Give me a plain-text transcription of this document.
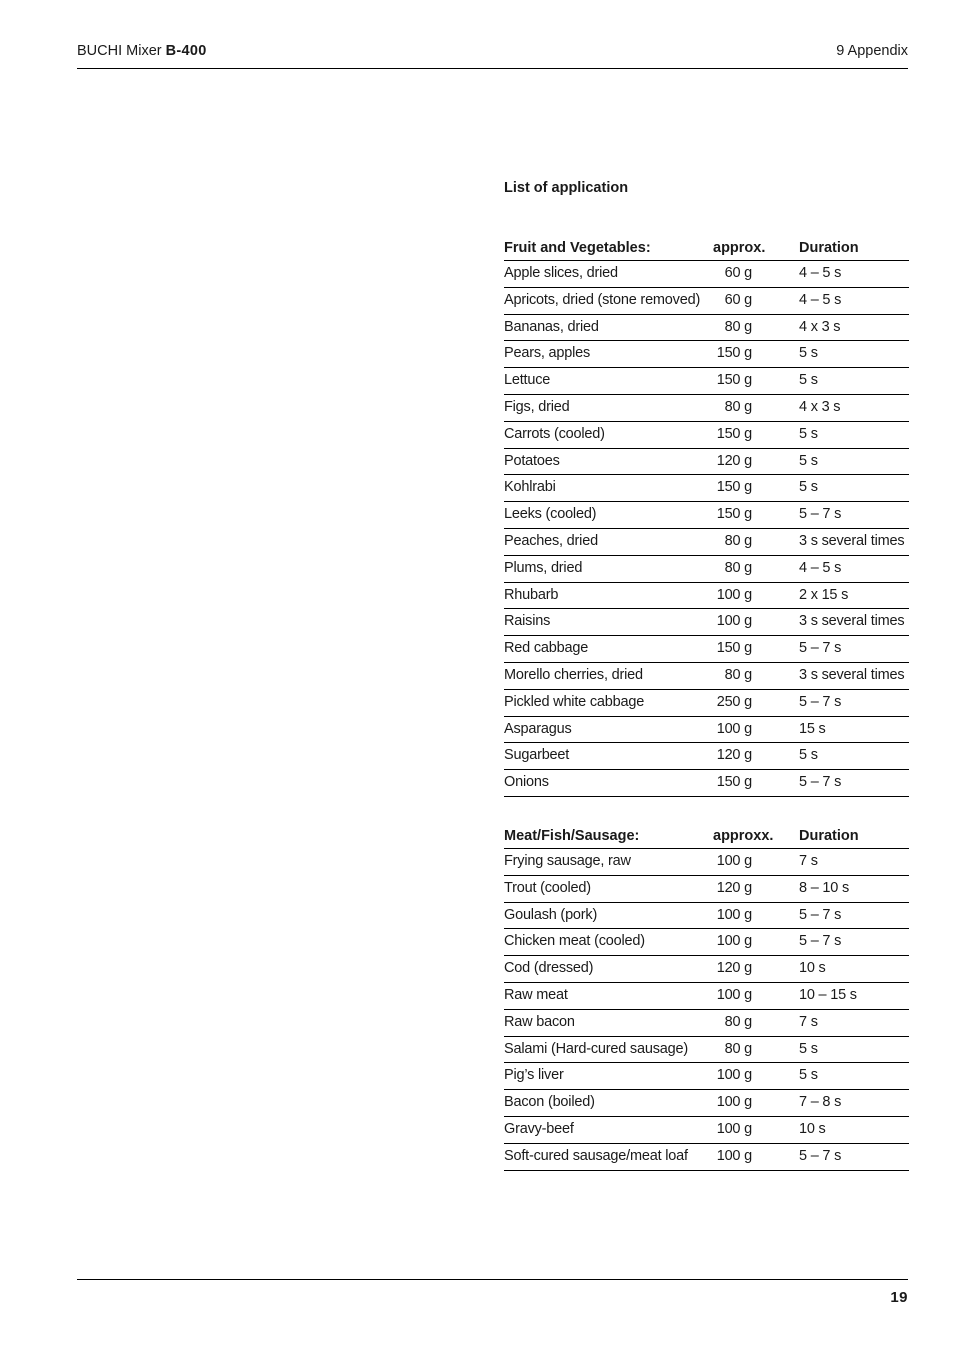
BUCHI Mixer B-400	9 Appendix

List of application

Fruit and Vegetables:	approx.	Duration
Apple slices, dried	60 g	4 – 5 s
Apricots, dried (stone removed)	60 g	4 – 5 s
Bananas, dried	80 g	4 x 3 s
Pears, apples	150 g	5 s
Lettuce	150 g	5 s
Figs, dried	80 g	4 x 3 s
Carrots (cooled)	150 g	5 s
Potatoes	120 g	5 s
Kohlrabi	150 g	5 s
Leeks (cooled)	150 g	5 – 7 s
Peaches, dried	80 g	3 s several times
Plums, dried	80 g	4 – 5 s
Rhubarb	100 g	2 x 15 s
Raisins	100 g	3 s several times
Red cabbage	150 g	5 – 7 s
Morello cherries, dried	80 g	3 s several times
Pickled white cabbage	250 g	5 – 7 s
Asparagus	100 g	15 s
Sugarbeet	120 g	5 s
Onions	150 g	5 – 7 s
Meat/Fish/Sausage:	approxx.	Duration
Frying sausage, raw	100 g	7 s
Trout (cooled)	120 g	8 – 10 s
Goulash (pork)	100 g	5 – 7 s
Chicken meat (cooled)	100 g	5 – 7 s
Cod (dressed)	120 g	10 s
Raw meat	100 g	10 – 15 s
Raw bacon	80 g	7 s
Salami (Hard-cured sausage)	80 g	5 s
Pig’s liver	100 g	5 s
Bacon (boiled)	100 g	7 – 8 s
Gravy-beef	100 g	10 s
Soft-cured sausage/meat loaf	100 g	5 – 7 s
19
